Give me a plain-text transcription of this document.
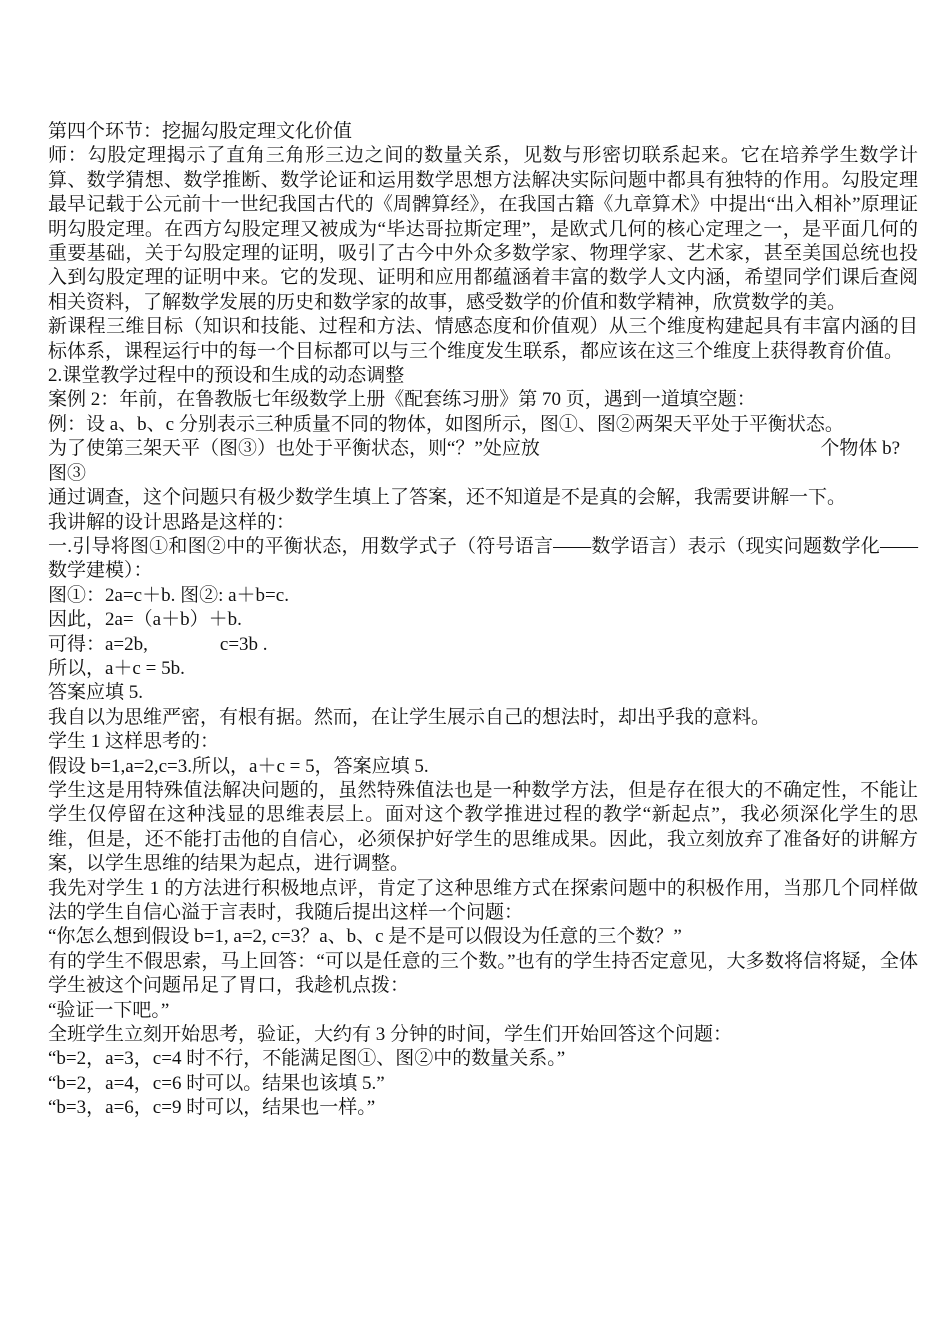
第四个环节：挖掘勾股定理文化价值

师：勾股定理揭示了直角三角形三边之间的数量关系，见数与形密切联系起来。它在培养学生数学计算、数学猜想、数学推断、数学论证和运用数学思想方法解决实际问题中都具有独特的作用。勾股定理最早记载于公元前十一世纪我国古代的《周髀算经》，在我国古籍《九章算术》中提出“出入相补”原理证明勾股定理。在西方勾股定理又被成为“毕达哥拉斯定理”，是欧式几何的核心定理之一，是平面几何的重要基础，关于勾股定理的证明，吸引了古今中外众多数学家、物理学家、艺术家，甚至美国总统也投入到勾股定理的证明中来。它的发现、证明和应用都蕴涵着丰富的数学人文内涵，希望同学们课后查阅相关资料，了解数学发展的历史和数学家的故事，感受数学的价值和数学精神，欣赏数学的美。

新课程三维目标（知识和技能、过程和方法、情感态度和价值观）从三个维度构建起具有丰富内涵的目标体系，课程运行中的每一个目标都可以与三个维度发生联系，都应该在这三个维度上获得教育价值。

2.课堂教学过程中的预设和生成的动态调整

案例 2：年前，在鲁教版七年级数学上册《配套练习册》第 70 页，遇到一道填空题：

例：设 a、b、c 分别表示三种质量不同的物体，如图所示，图①、图②两架天平处于平衡状态。

为了使第三架天平（图③）也处于平衡状态，则“？”处应放	个物体 b?

图③

通过调查，这个问题只有极少数学生填上了答案，还不知道是不是真的会解，我需要讲解一下。

我讲解的设计思路是这样的：

一.引导将图①和图②中的平衡状态，用数学式子（符号语言——数学语言）表示（现实问题数学化——数学建模）：

图①：2a=c＋b. 图②: a＋b=c.

因此，2a=（a＋b）＋b.

可得：a=2b,	c=3b .

所以，a＋c = 5b.

答案应填 5.

我自以为思维严密，有根有据。然而，在让学生展示自己的想法时，却出乎我的意料。

学生 1 这样思考的：

假设 b=1,a=2,c=3.所以，a＋c = 5，答案应填 5.

学生这是用特殊值法解决问题的，虽然特殊值法也是一种数学方法，但是存在很大的不确定性，不能让学生仅停留在这种浅显的思维表层上。面对这个教学推进过程的教学“新起点”，我必须深化学生的思维，但是，还不能打击他的自信心，必须保护好学生的思维成果。因此，我立刻放弃了准备好的讲解方案，以学生思维的结果为起点，进行调整。

我先对学生 1 的方法进行积极地点评，肯定了这种思维方式在探索问题中的积极作用，当那几个同样做法的学生自信心溢于言表时，我随后提出这样一个问题：

“你怎么想到假设 b=1, a=2, c=3？a、b、c 是不是可以假设为任意的三个数？”

有的学生不假思索，马上回答：“可以是任意的三个数。”也有的学生持否定意见，大多数将信将疑，全体学生被这个问题吊足了胃口，我趁机点拨：

“验证一下吧。”

全班学生立刻开始思考，验证，大约有 3 分钟的时间，学生们开始回答这个问题：

“b=2，a=3，c=4 时不行，不能满足图①、图②中的数量关系。”

“b=2，a=4，c=6 时可以。结果也该填 5.”

“b=3，a=6，c=9 时可以，结果也一样。”
